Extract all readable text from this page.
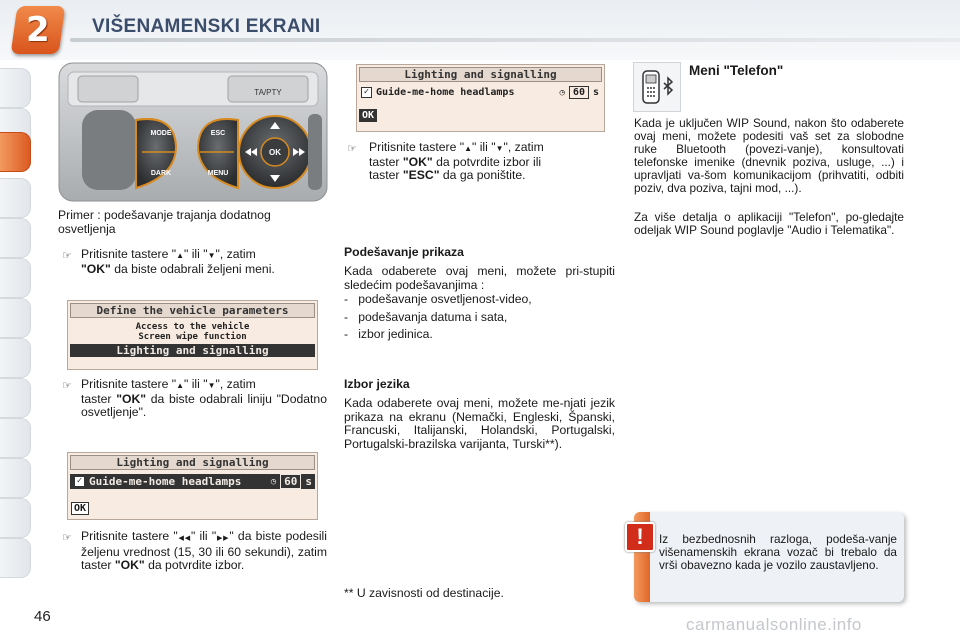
2 VIŠENAMENSKI EKRANI
TA/PTY
MODE
DARK
ESC
MENU
OK
Primer : podešavanje trajanja dodatnog osvetljenja
☞ Pritisnite tastere "▲" ili "▼", zatim
"OK" da biste odabrali željeni meni.
Define the vehicle parameters
Access to the vehicle
Screen wipe function
Lighting and signalling
☞ Pritisnite tastere "▲" ili "▼", zatim
taster "OK" da biste odabrali liniju "Dodatno osvetljenje".
Lighting and signalling
✓ Guide-me-home headlamps	◷ 60 s
OK
☞ Pritisnite tastere "◀◀" ili "▶▶" da biste podesili željenu vrednost (15, 30 ili 60 sekundi), zatim taster "OK" da potvrdite izbor.
Lighting and signalling
✓ Guide-me-home headlamps	◷ 60 s
OK
☞ Pritisnite tastere "▲" ili "▼", zatim
taster "OK" da potvrdite izbor ili
taster "ESC" da ga poništite.
Podešavanje prikaza
Kada odaberete ovaj meni, možete pri-stupiti sledećim podešavanjima :
-   podešavanje osvetljenost-video,
-   podešavanja datuma i sata,
-   izbor jedinica.
Izbor jezika
Kada odaberete ovaj meni, možete me-njati jezik prikaza na ekranu (Nemački, Engleski, Španski, Francuski, Italijanski, Holandski, Portugalski, Portugalski-brazilska varijanta, Turski**).
** U zavisnosti od destinacije.
Meni "Telefon"
Kada je uključen WIP Sound, nakon što odaberete ovaj meni, možete podesiti vaš set za slobodne ruke Bluetooth (povezi-vanje), konsultovati telefonske imenike (dnevnik poziva, usluge, ...) i upravljati va-šom komunikacijom (prihvatiti, odbiti poziv, dva poziva, tajni mod, ...).
Za više detalja o aplikaciji "Telefon", po-gledajte odeljak WIP Sound poglavlje "Audio i Telematika".
!	Iz bezbednosnih razloga, podeša-vanje višenamenskih ekrana vozač bi trebalo da vrši obavezno kada je vozilo zaustavljeno.
46	carmanualsonline.info
